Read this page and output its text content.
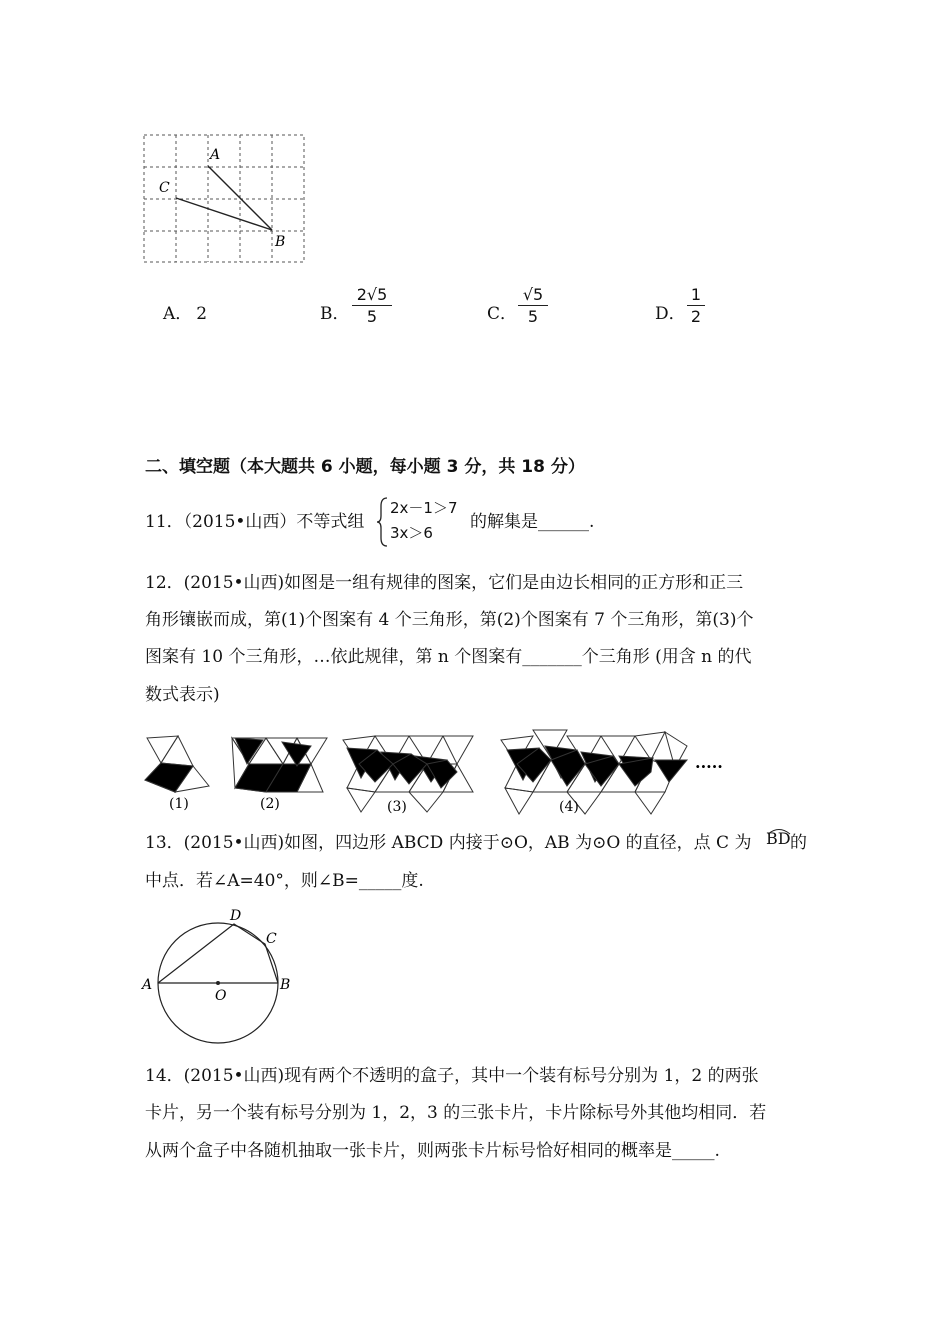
A
C
B
A． 2	B．
2√5
5	C．
√5
5	D．
1
2
二、填空题（本大题共 6 小题，每小题 3 分，共 18 分）
11．（2015•山西）不等式组
2x－1＞7
3x＞6
的解集是______.
12．(2015•山西)如图是一组有规律的图案，它们是由边长相同的正方形和正三
角形镶嵌而成，第(1)个图案有 4 个三角形，第(2)个图案有 7 个三角形，第(3)个
图案有 10 个三角形，…依此规律，第 n 个图案有_______个三角形 (用含 n 的代
数式表示)
(1)	(2)	(3)	(4)
·····
13．(2015•山西)如图，四边形 ABCD 内接于⊙O，AB 为⊙O 的直径，点 C 为 BD 的
中点．若∠A=40°，则∠B=_____度.
A	B
C
D
O
14．(2015•山西)现有两个不透明的盒子，其中一个装有标号分别为 1，2 的两张
卡片，另一个装有标号分别为 1，2，3 的三张卡片，卡片除标号外其他均相同．若
从两个盒子中各随机抽取一张卡片，则两张卡片标号恰好相同的概率是_____.
